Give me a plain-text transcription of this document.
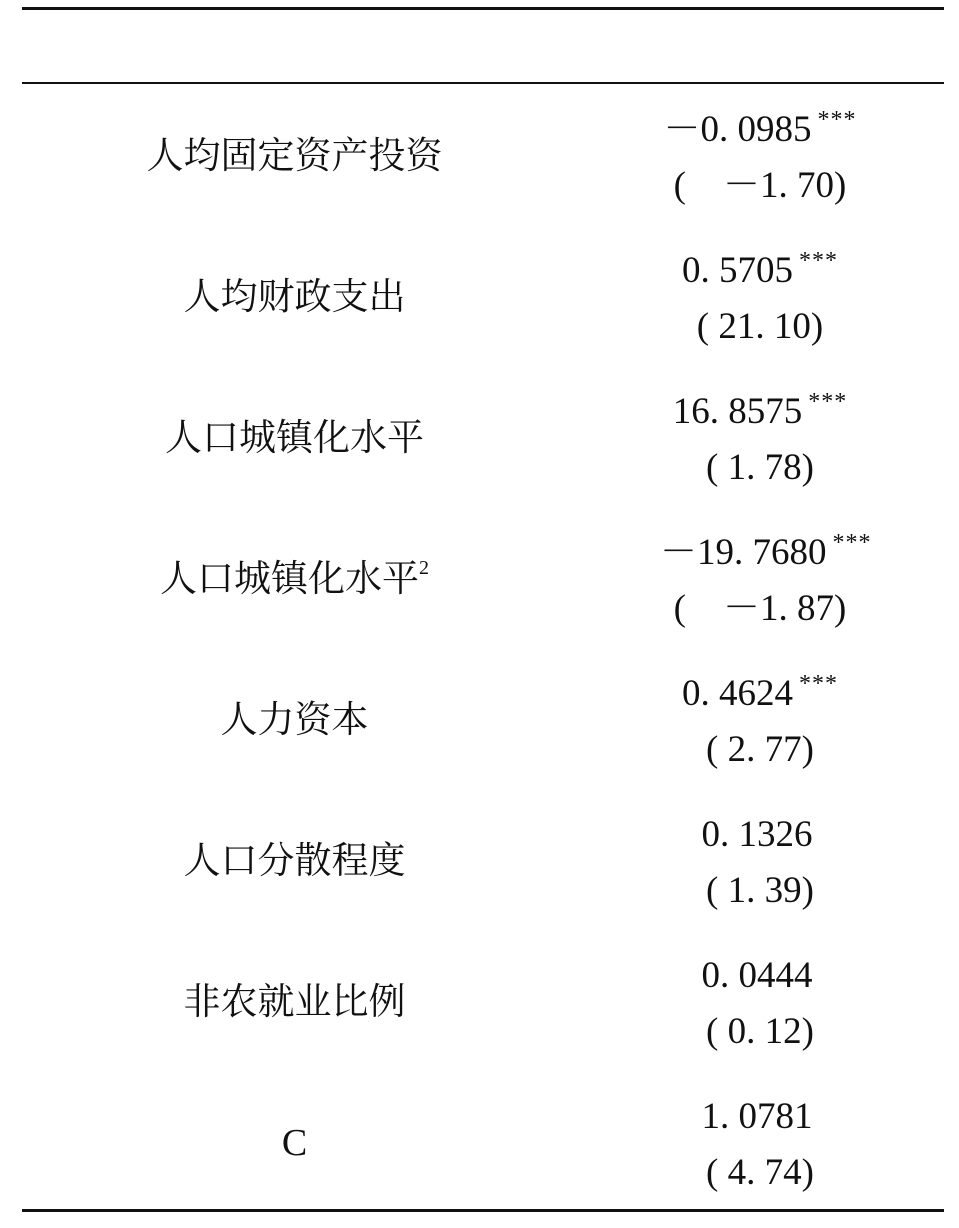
人均固定资产投资
－0. 0985 ***
(　－1. 70)
人均财政支出
0. 5705 ***
( 21. 10)
人口城镇化水平
16. 8575 ***
( 1. 78)
人口城镇化水平$^2$	－19. 7680 ***
(　－1. 87)
人力资本
0. 4624 ***
( 2. 77)
人口分散程度
0. 1326
( 1. 39)
非农就业比例
0. 0444
( 0. 12)
C
1. 0781
( 4. 74)
